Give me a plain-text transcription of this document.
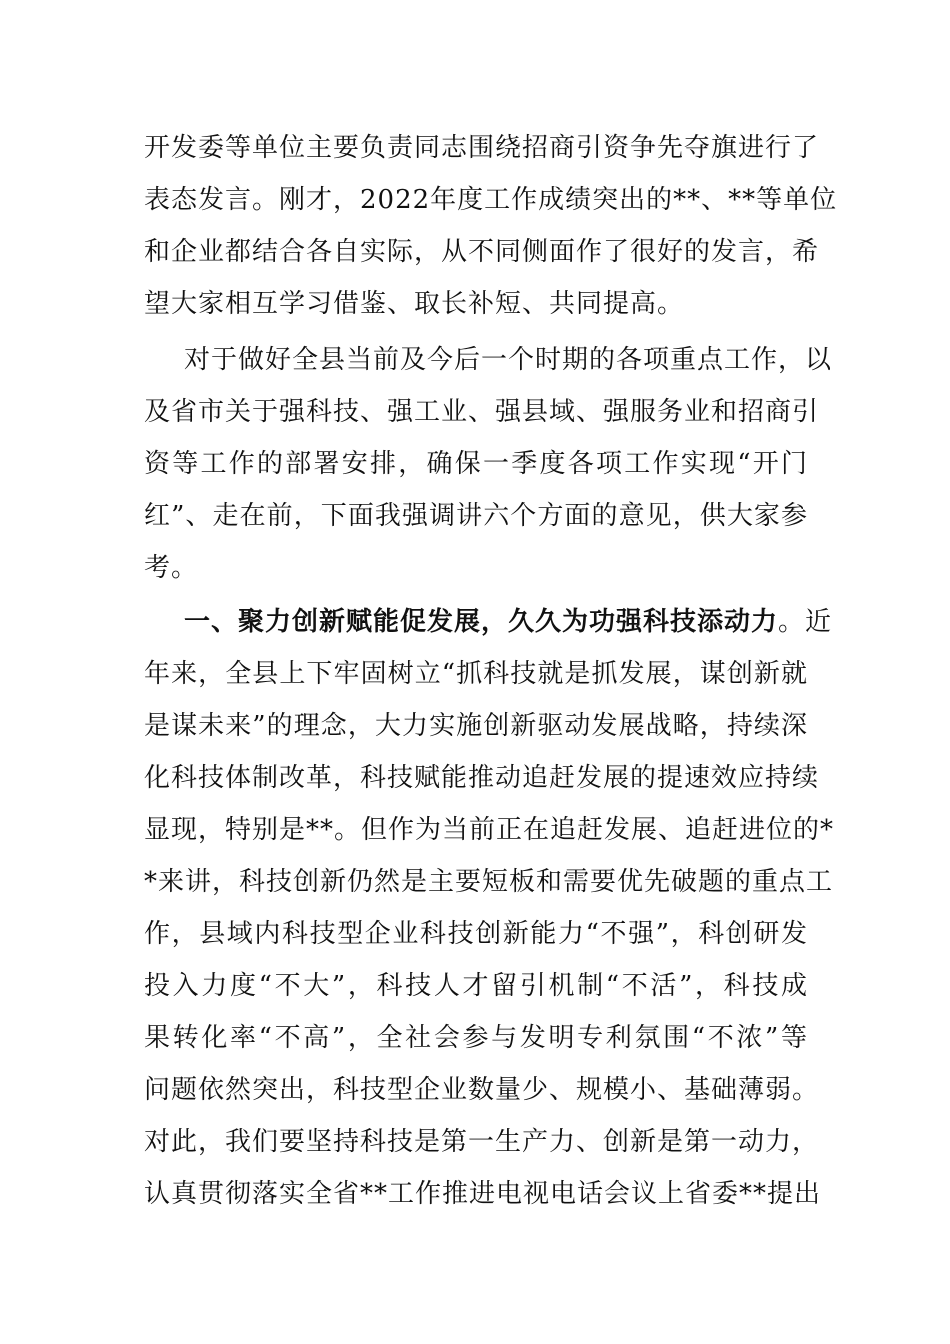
开发委等单位主要负责同志围绕招商引资争先夺旗进行了
表态发言。刚才，2022年度工作成绩突出的**、**等单位
和企业都结合各自实际，从不同侧面作了很好的发言，希
望大家相互学习借鉴、取长补短、共同提高。
对于做好全县当前及今后一个时期的各项重点工作，以
及省市关于强科技、强工业、强县域、强服务业和招商引
资等工作的部署安排，确保一季度各项工作实现“开门
红”、走在前，下面我强调讲六个方面的意见，供大家参
考。
一、聚力创新赋能促发展，久久为功强科技添动力。近
年来，全县上下牢固树立“抓科技就是抓发展，谋创新就
是谋未来”的理念，大力实施创新驱动发展战略，持续深
化科技体制改革，科技赋能推动追赶发展的提速效应持续
显现，特别是**。但作为当前正在追赶发展、追赶进位的*
*来讲，科技创新仍然是主要短板和需要优先破题的重点工
作，县域内科技型企业科技创新能力“不强”，科创研发
投入力度“不大”，科技人才留引机制“不活”，科技成
果转化率“不高”，全社会参与发明专利氛围“不浓”等
问题依然突出，科技型企业数量少、规模小、基础薄弱。
对此，我们要坚持科技是第一生产力、创新是第一动力，
认真贯彻落实全省**工作推进电视电话会议上省委**提出
